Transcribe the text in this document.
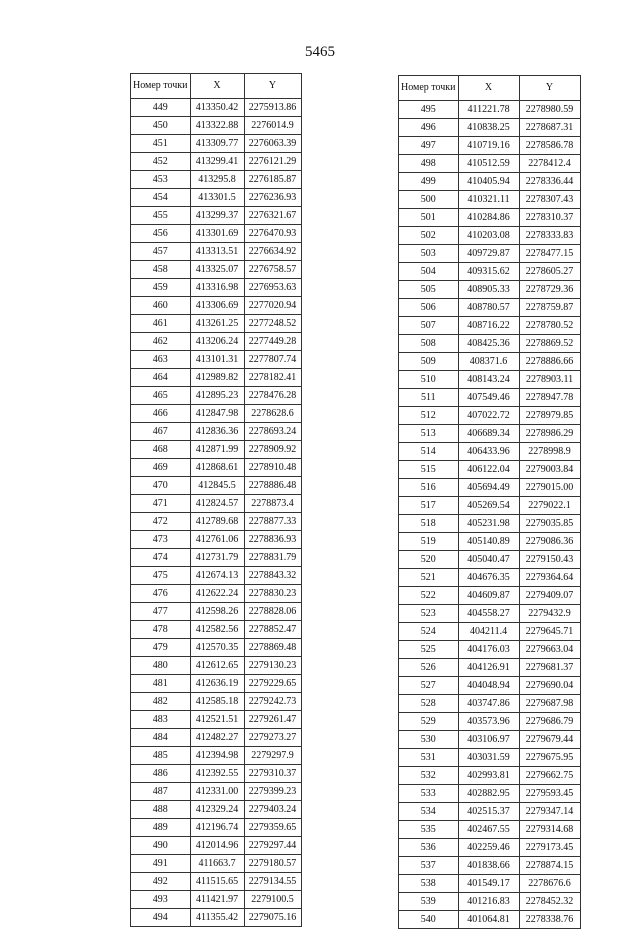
5465
Номер точки	X	Y
449	413350.42	2275913.86
450	413322.88	2276014.9
451	413309.77	2276063.39
452	413299.41	2276121.29
453	413295.8	2276185.87
454	413301.5	2276236.93
455	413299.37	2276321.67
456	413301.69	2276470.93
457	413313.51	2276634.92
458	413325.07	2276758.57
459	413316.98	2276953.63
460	413306.69	2277020.94
461	413261.25	2277248.52
462	413206.24	2277449.28
463	413101.31	2277807.74
464	412989.82	2278182.41
465	412895.23	2278476.28
466	412847.98	2278628.6
467	412836.36	2278693.24
468	412871.99	2278909.92
469	412868.61	2278910.48
470	412845.5	2278886.48
471	412824.57	2278873.4
472	412789.68	2278877.33
473	412761.06	2278836.93
474	412731.79	2278831.79
475	412674.13	2278843.32
476	412622.24	2278830.23
477	412598.26	2278828.06
478	412582.56	2278852.47
479	412570.35	2278869.48
480	412612.65	2279130.23
481	412636.19	2279229.65
482	412585.18	2279242.73
483	412521.51	2279261.47
484	412482.27	2279273.27
485	412394.98	2279297.9
486	412392.55	2279310.37
487	412331.00	2279399.23
488	412329.24	2279403.24
489	412196.74	2279359.65
490	412014.96	2279297.44
491	411663.7	2279180.57
492	411515.65	2279134.55
493	411421.97	2279100.5
494	411355.42	2279075.16
Номер точки	X	Y
495	411221.78	2278980.59
496	410838.25	2278687.31
497	410719.16	2278586.78
498	410512.59	2278412.4
499	410405.94	2278336.44
500	410321.11	2278307.43
501	410284.86	2278310.37
502	410203.08	2278333.83
503	409729.87	2278477.15
504	409315.62	2278605.27
505	408905.33	2278729.36
506	408780.57	2278759.87
507	408716.22	2278780.52
508	408425.36	2278869.52
509	408371.6	2278886.66
510	408143.24	2278903.11
511	407549.46	2278947.78
512	407022.72	2278979.85
513	406689.34	2278986.29
514	406433.96	2278998.9
515	406122.04	2279003.84
516	405694.49	2279015.00
517	405269.54	2279022.1
518	405231.98	2279035.85
519	405140.89	2279086.36
520	405040.47	2279150.43
521	404676.35	2279364.64
522	404609.87	2279409.07
523	404558.27	2279432.9
524	404211.4	2279645.71
525	404176.03	2279663.04
526	404126.91	2279681.37
527	404048.94	2279690.04
528	403747.86	2279687.98
529	403573.96	2279686.79
530	403106.97	2279679.44
531	403031.59	2279675.95
532	402993.81	2279662.75
533	402882.95	2279593.45
534	402515.37	2279347.14
535	402467.55	2279314.68
536	402259.46	2279173.45
537	401838.66	2278874.15
538	401549.17	2278676.6
539	401216.83	2278452.32
540	401064.81	2278338.76
